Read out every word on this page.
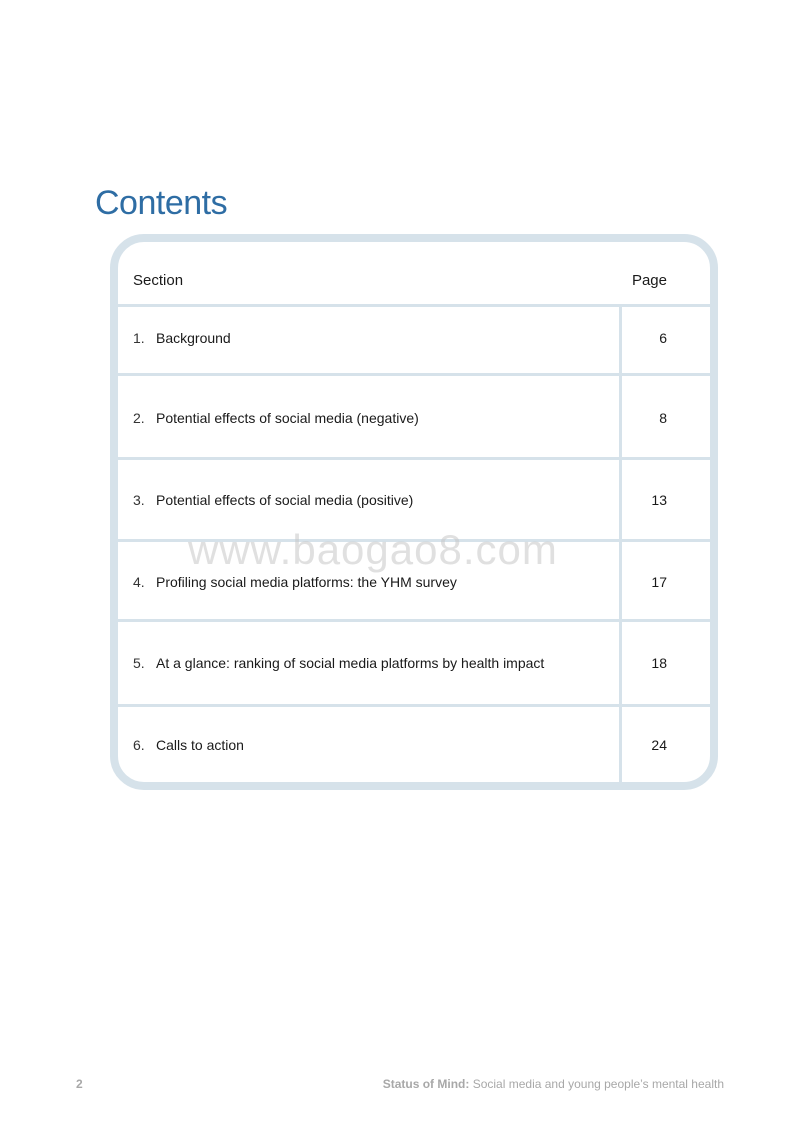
Contents
Section	Page
1. Background	6
2. Potential effects of social media (negative)	8
3. Potential effects of social media (positive)	13
4. Profiling social media platforms: the YHM survey	17
5. At a glance: ranking of social media platforms by health impact	18
6. Calls to action	24
www.baogao8.com
2	Status of Mind: Social media and young people’s mental health
